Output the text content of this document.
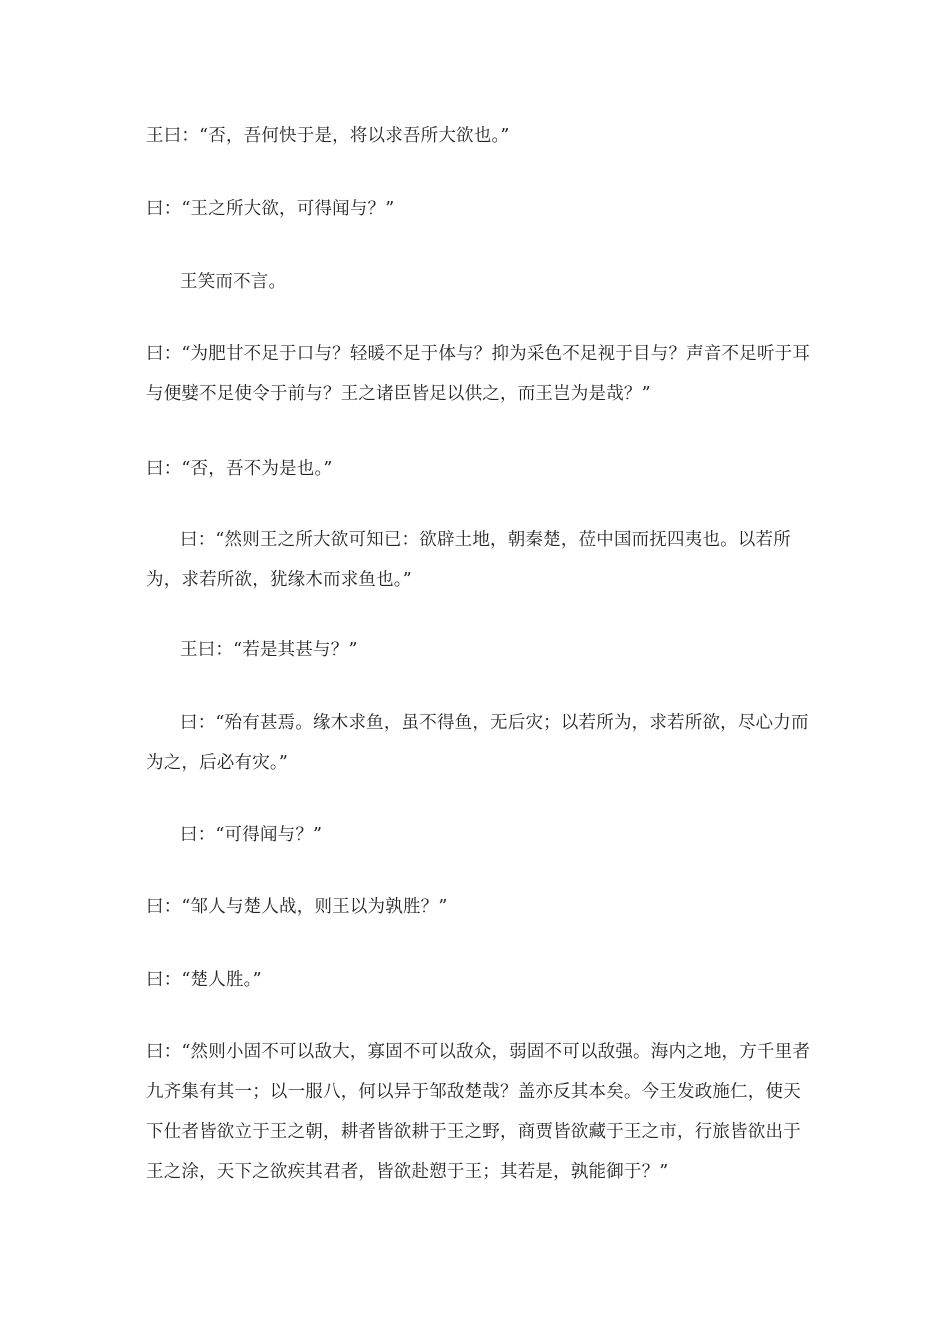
王曰：“否，吾何快于是，将以求吾所大欲也。”

曰：“王之所大欲，可得闻与？”

王笑而不言。

曰：“为肥甘不足于口与？轻暖不足于体与？抑为采色不足视于目与？声音不足听于耳与便嬖不足使令于前与？王之诸臣皆足以供之，而王岂为是哉？”

曰：“否，吾不为是也。”

曰：“然则王之所大欲可知已：欲辟土地，朝秦楚，莅中国而抚四夷也。以若所为，求若所欲，犹缘木而求鱼也。”

王曰：“若是其甚与？”

曰：“殆有甚焉。缘木求鱼，虽不得鱼，无后灾；以若所为，求若所欲，尽心力而为之，后必有灾。”

曰：“可得闻与？”

曰：“邹人与楚人战，则王以为孰胜？”

曰：“楚人胜。”

曰：“然则小固不可以敌大，寡固不可以敌众，弱固不可以敌强。海内之地，方千里者九齐集有其一；以一服八，何以异于邹敌楚哉？盖亦反其本矣。今王发政施仁，使天下仕者皆欲立于王之朝，耕者皆欲耕于王之野，商贾皆欲藏于王之市，行旅皆欲出于王之涂，天下之欲疾其君者，皆欲赴愬于王；其若是，孰能御于？”
